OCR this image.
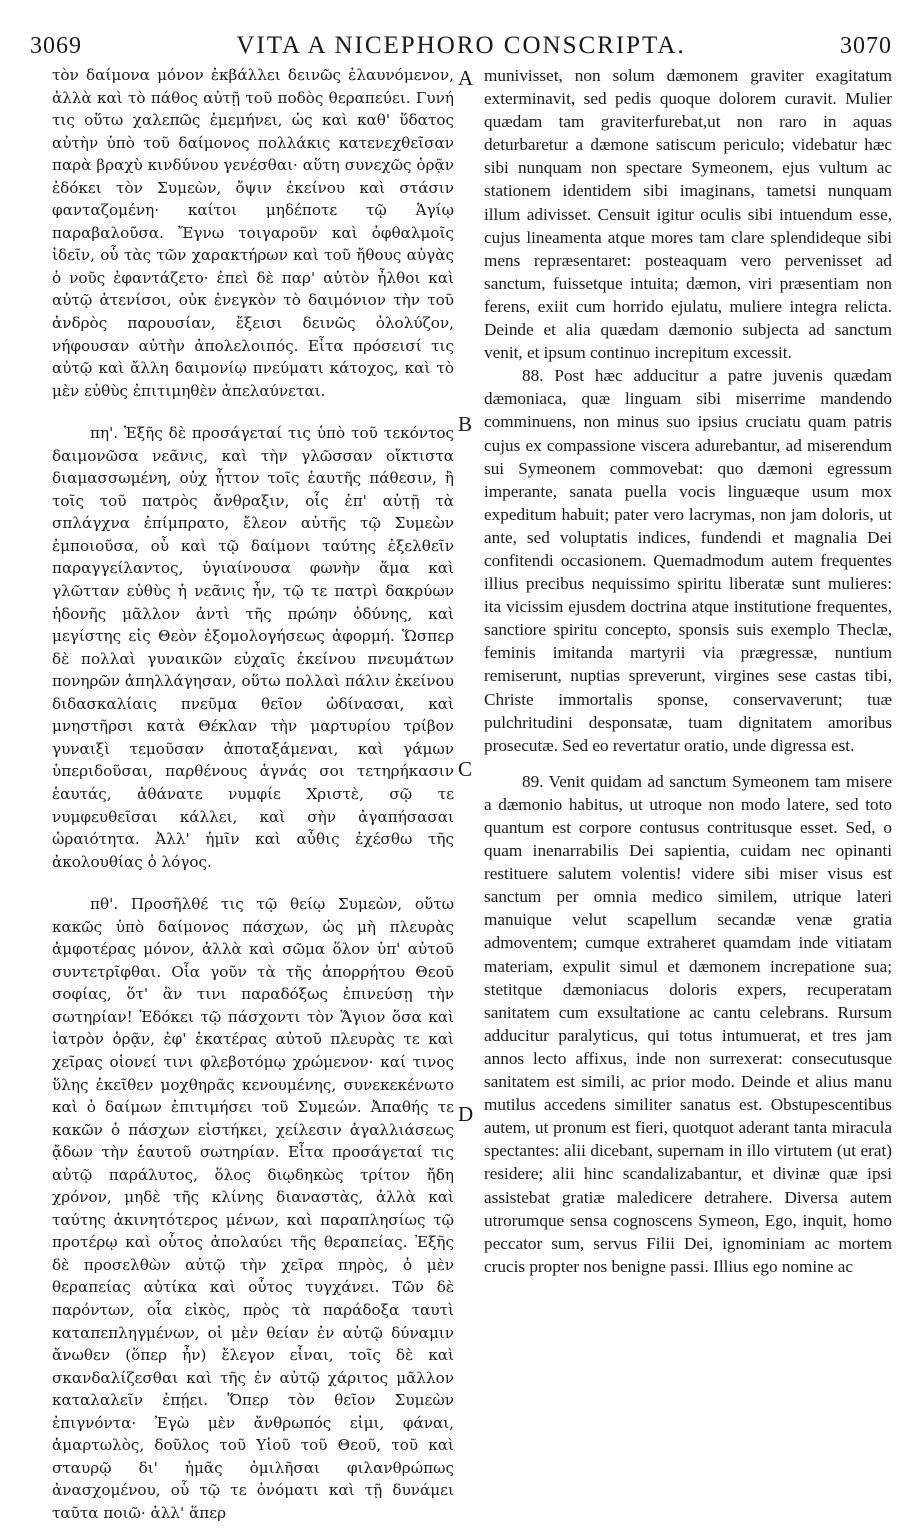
3069	VITA A NICEPHORO CONSCRIPTA.	3070

τὸν δαίμονα μόνον ἐκβάλλει δεινῶς ἐλαυνόμενον, ἀλλὰ καὶ τὸ πάθος αὐτῇ τοῦ ποδὸς θεραπεύει. Γυνή τις οὕτω χαλεπῶς ἐμεμήνει, ὡς καὶ καθ' ὕδατος αὐτὴν ὑπὸ τοῦ δαίμονος πολλάκις κατενεχθεῖσαν παρὰ βραχὺ κινδύνου γενέσθαι· αὕτη συνεχῶς ὁρᾷν ἐδόκει τὸν Συμεὼν, ὄψιν ἐκείνου καὶ στάσιν φανταζομένη· καίτοι μηδέποτε τῷ Ἁγίῳ παραβαλοῦσα. Ἔγνω τοιγαροῦν καὶ ὀφθαλμοῖς ἰδεῖν, οὗ τὰς τῶν χαρακτήρων καὶ τοῦ ἤθους αὐγὰς ὁ νοῦς ἐφαντάζετο· ἐπεὶ δὲ παρ' αὐτὸν ἦλθοι καὶ αὐτῷ ἀτενίσοι, οὐκ ἐνεγκὸν τὸ δαιμόνιον τὴν τοῦ ἀνδρὸς παρουσίαν, ἔξεισι δεινῶς ὀλολύζον, νήφουσαν αὐτὴν ἀπολελοιπός. Εἶτα πρόσεισί τις αὐτῷ καὶ ἄλλη δαιμονίῳ πνεύματι κάτοχος, καὶ τὸ μὲν εὐθὺς ἐπιτιμηθὲν ἀπελαύνεται.

πη'. Ἑξῆς δὲ προσάγεταί τις ὑπὸ τοῦ τεκόντος δαιμονῶσα νεᾶνις, καὶ τὴν γλῶσσαν οἴκτιστα διαμασσωμένη, οὐχ ἧττον τοῖς ἑαυτῆς πάθεσιν, ἢ τοῖς τοῦ πατρὸς ἄνθραξιν, οἷς ἐπ' αὐτῇ τὰ σπλάγχνα ἐπίμπρατο, ἔλεον αὐτῆς τῷ Συμεὼν ἐμποιοῦσα, οὗ καὶ τῷ δαίμονι ταύτης ἐξελθεῖν παραγγείλαντος, ὑγιαίνουσα φωνὴν ἅμα καὶ γλῶτταν εὐθὺς ἡ νεᾶνις ἦν, τῷ τε πατρὶ δακρύων ἡδονῆς μᾶλλον ἀντὶ τῆς πρώην ὀδύνης, καὶ μεγίστης εἰς Θεὸν ἐξομολογήσεως ἀφορμή. Ὥσπερ δὲ πολλαὶ γυναικῶν εὐχαῖς ἐκείνου πνευμάτων πονηρῶν ἀπηλλάγησαν, οὕτω πολλαὶ πάλιν ἐκείνου διδασκαλίαις πνεῦμα θεῖον ὠδίνασαι, καὶ μνηστῆρσι κατὰ Θέκλαν τὴν μαρτυρίου τρίβον γυναιξὶ τεμοῦσαν ἀποταξάμεναι, καὶ γάμων ὑπεριδοῦσαι, παρθένους ἁγνάς σοι τετηρήκασιν ἑαυτάς, ἀθάνατε νυμφίε Χριστὲ, σῷ τε νυμφευθεῖσαι κάλλει, καὶ σὴν ἀγαπήσασαι ὡραιότητα. Ἀλλ' ἡμῖν καὶ αὖθις ἐχέσθω τῆς ἀκολουθίας ὁ λόγος.

πθ'. Προσῆλθέ τις τῷ θείῳ Συμεὼν, οὕτω κακῶς ὑπὸ δαίμονος πάσχων, ὡς μὴ πλευρὰς ἀμφοτέρας μόνον, ἀλλὰ καὶ σῶμα ὅλον ὑπ' αὐτοῦ συντετρῖφθαι. Οἷα γοῦν τὰ τῆς ἀπορρήτου Θεοῦ σοφίας, ὅτ' ἂν τινι παραδόξως ἐπινεύσῃ τὴν σωτηρίαν! Ἐδόκει τῷ πάσχοντι τὸν Ἅγιον ὅσα καὶ ἰατρὸν ὁρᾷν, ἐφ' ἑκατέρας αὐτοῦ πλευρὰς τε καὶ χεῖρας οἱονεί τινι φλεβοτόμῳ χρώμενον· καί τινος ὕλης ἐκεῖθεν μοχθηρᾶς κενουμένης, συνεκεκένωτο καὶ ὁ δαίμων ἐπιτιμήσει τοῦ Συμεών. Ἀπαθής τε κακῶν ὁ πάσχων εἱστήκει, χείλεσιν ἀγαλλιάσεως ᾄδων τὴν ἑαυτοῦ σωτηρίαν. Εἶτα προσάγεταί τις αὐτῷ παράλυτος, ὅλος διῳδηκὼς τρίτον ἤδη χρόνον, μηδὲ τῆς κλίνης διαναστὰς, ἀλλὰ καὶ ταύτης ἀκινητότερος μένων, καὶ παραπλησίως τῷ προτέρῳ καὶ οὗτος ἀπολαύει τῆς θεραπείας. Ἐξῆς δὲ προσελθὼν αὐτῷ τὴν χεῖρα πηρὸς, ὁ μὲν θεραπείας αὐτίκα καὶ οὗτος τυγχάνει. Τῶν δὲ παρόντων, οἷα εἰκὸς, πρὸς τὰ παράδοξα ταυτὶ καταπεπληγμένων, οἱ μὲν θείαν ἐν αὐτῷ δύναμιν ἄνωθεν (ὅπερ ἦν) ἔλεγον εἶναι, τοῖς δὲ καὶ σκανδαλίζεσθαι καὶ τῆς ἐν αὐτῷ χάριτος μᾶλλον καταλαλεῖν ἐπῄει. Ὅπερ τὸν θεῖον Συμεὼν ἐπιγνόντα· Ἐγὼ μὲν ἄνθρωπός εἰμι, φάναι, ἁμαρτωλὸς, δοῦλος τοῦ Υἱοῦ τοῦ Θεοῦ, τοῦ καὶ σταυρῷ δι' ἡμᾶς ὁμιλῆσαι φιλανθρώπως ἀνασχομένου, οὗ τῷ τε ὀνόματι καὶ τῇ δυνάμει ταῦτα ποιῶ· ἀλλ' ἅπερ

munivisset, non solum dæmonem graviter exagitatum exterminavit, sed pedis quoque dolorem curavit. Mulier quædam tam graviterfurebat,ut non raro in aquas deturbaretur a dæmone satiscum periculo; videbatur hæc sibi nunquam non spectare Symeonem, ejus vultum ac stationem identidem sibi imaginans, tametsi nunquam illum adivisset. Censuit igitur oculis sibi intuendum esse, cujus lineamenta atque mores tam clare splendideque sibi mens repræsentaret: posteaquam vero pervenisset ad sanctum, fuissetque intuita; dæmon, viri præsentiam non ferens, exiit cum horrido ejulatu, muliere integra relicta. Deinde et alia quædam dæmonio subjecta ad sanctum venit, et ipsum continuo increpitum excessit.

88. Post hæc adducitur a patre juvenis quædam dæmoniaca, quæ linguam sibi miserrime mandendo comminuens, non minus suo ipsius cruciatu quam patris cujus ex compassione viscera adurebantur, ad miserendum sui Symeonem commovebat: quo dæmoni egressum imperante, sanata puella vocis linguæque usum mox expeditum habuit; pater vero lacrymas, non jam doloris, ut ante, sed voluptatis indices, fundendi et magnalia Dei confitendi occasionem. Quemadmodum autem frequentes illius precibus nequissimo spiritu liberatæ sunt mulieres: ita vicissim ejusdem doctrina atque institutione frequentes, sanctiore spiritu concepto, sponsis suis exemplo Theclæ, feminis imitanda martyrii via prægressæ, nuntium remiserunt, nuptias spreverunt, virgines sese castas tibi, Christe immortalis sponse, conservaverunt; tuæ pulchritudini desponsatæ, tuam dignitatem amoribus prosecutæ. Sed eo revertatur oratio, unde digressa est.

89. Venit quidam ad sanctum Symeonem tam misere a dæmonio habitus, ut utroque non modo latere, sed toto quantum est corpore contusus contritusque esset. Sed, o quam inenarrabilis Dei sapientia, cuidam nec opinanti restituere salutem volentis! videre sibi miser visus est sanctum per omnia medico similem, utrique lateri manuique velut scapellum secandæ venæ gratia admoventem; cumque extraheret quamdam inde vitiatam materiam, expulit simul et dæmonem increpatione sua; stetitque dæmoniacus doloris expers, recuperatam sanitatem cum exsultatione ac cantu celebrans. Rursum adducitur paralyticus, qui totus intumuerat, et tres jam annos lecto affixus, inde non surrexerat: consecutusque sanitatem est simili, ac prior modo. Deinde et alius manu mutilus accedens similiter sanatus est. Obstupescentibus autem, ut pronum est fieri, quotquot aderant tanta miracula spectantes: alii dicebant, supernam in illo virtutem (ut erat) residere; alii hinc scandalizabantur, et divinæ quæ ipsi assistebat gratiæ maledicere detrahere. Diversa autem utrorumque sensa cognoscens Symeon, Ego, inquit, homo peccator sum, servus Filii Dei, ignominiam ac mortem crucis propter nos benigne passi. Illius ego nomine ac

A
B
C
D
